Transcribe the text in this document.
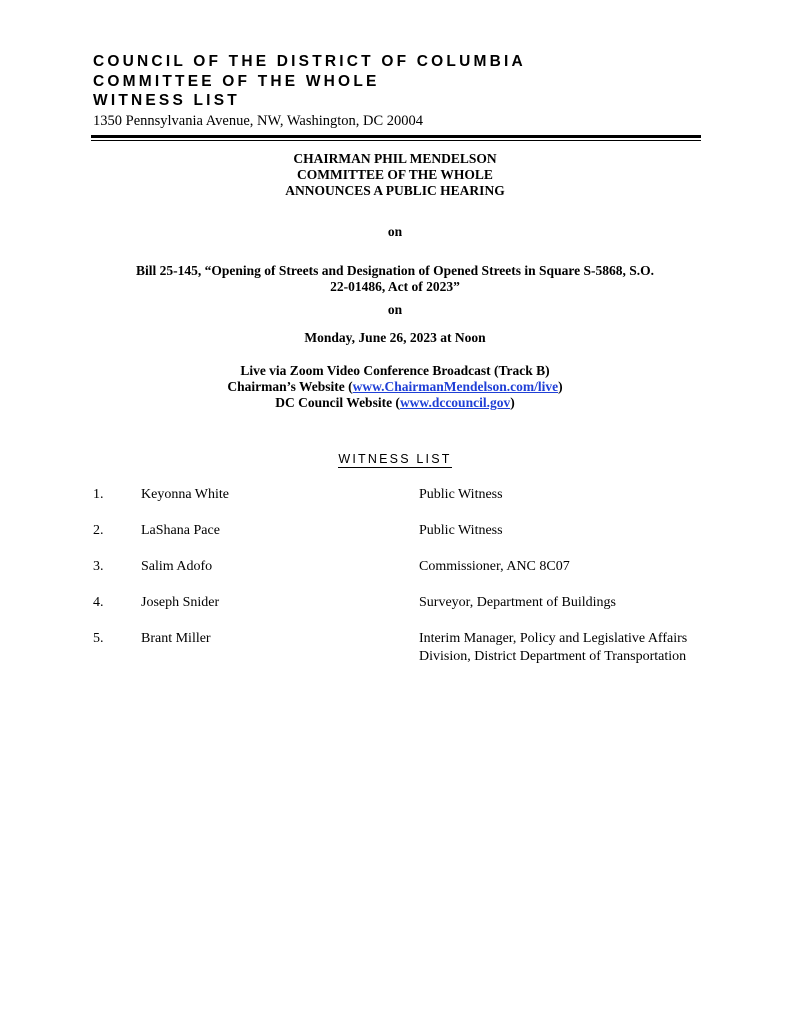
COUNCIL OF THE DISTRICT OF COLUMBIA
COMMITTEE OF THE WHOLE
WITNESS LIST
1350 Pennsylvania Avenue, NW, Washington, DC 20004
CHAIRMAN PHIL MENDELSON
COMMITTEE OF THE WHOLE
ANNOUNCES A PUBLIC HEARING
on
Bill 25-145, “Opening of Streets and Designation of Opened Streets in Square S-5868, S.O.
22-01486, Act of 2023”
on
Monday, June 26, 2023 at Noon
Live via Zoom Video Conference Broadcast (Track B)
Chairman’s Website (www.ChairmanMendelson.com/live)
DC Council Website (www.dccouncil.gov)
WITNESS LIST
1.	Keyonna White	Public Witness
2.	LaShana Pace	Public Witness
3.	Salim Adofo	Commissioner, ANC 8C07
4.	Joseph Snider	Surveyor, Department of Buildings
5.	Brant Miller	Interim Manager, Policy and Legislative Affairs Division, District Department of Transportation
